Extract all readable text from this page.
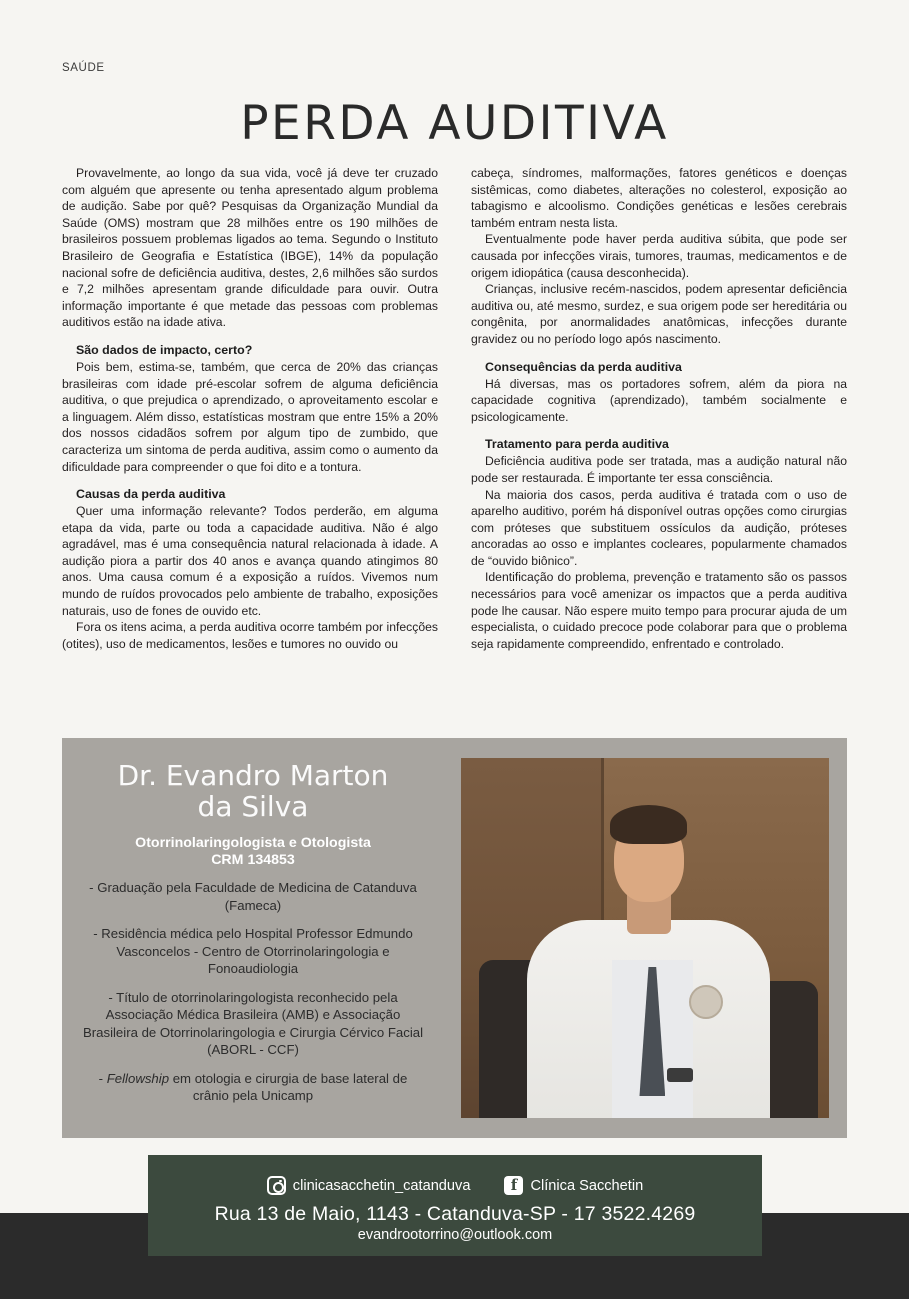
SAÚDE
PERDA AUDITIVA

Provavelmente, ao longo da sua vida, você já deve ter cruzado com alguém que apresente ou tenha apresentado algum problema de audição. Sabe por quê? Pesquisas da Organização Mundial da Saúde (OMS) mostram que 28 milhões entre os 190 milhões de brasileiros possuem problemas ligados ao tema. Segundo o Instituto Brasileiro de Geografia e Estatística (IBGE), 14% da população nacional sofre de deficiência auditiva, destes, 2,6 milhões são surdos e 7,2 milhões apresentam grande dificuldade para ouvir. Outra informação importante é que metade das pessoas com problemas auditivos estão na idade ativa.

São dados de impacto, certo?

Pois bem, estima-se, também, que cerca de 20% das crianças brasileiras com idade pré-escolar sofrem de alguma deficiência auditiva, o que prejudica o aprendizado, o aproveitamento escolar e a linguagem. Além disso, estatísticas mostram que entre 15% a 20% dos nossos cidadãos sofrem por algum tipo de zumbido, que caracteriza um sintoma de perda auditiva, assim como o aumento da dificuldade para compreender o que foi dito e a tontura.

Causas da perda auditiva

Quer uma informação relevante? Todos perderão, em alguma etapa da vida, parte ou toda a capacidade auditiva. Não é algo agradável, mas é uma consequência natural relacionada à idade. A audição piora a partir dos 40 anos e avança quando atingimos 80 anos. Uma causa comum é a exposição a ruídos. Vivemos num mundo de ruídos provocados pelo ambiente de trabalho, exposições naturais, uso de fones de ouvido etc.

Fora os itens acima, a perda auditiva ocorre também por infecções (otites), uso de medicamentos, lesões e tumores no ouvido ou

cabeça, síndromes, malformações, fatores genéticos e doenças sistêmicas, como diabetes, alterações no colesterol, exposição ao tabagismo e alcoolismo. Condições genéticas e lesões cerebrais também entram nesta lista.

Eventualmente pode haver perda auditiva súbita, que pode ser causada por infecções virais, tumores, traumas, medicamentos e de origem idiopática (causa desconhecida).

Crianças, inclusive recém-nascidos, podem apresentar deficiência auditiva ou, até mesmo, surdez, e sua origem pode ser hereditária ou congênita, por anormalidades anatômicas, infecções durante gravidez ou no período logo após nascimento.

Consequências da perda auditiva

Há diversas, mas os portadores sofrem, além da piora na capacidade cognitiva (aprendizado), também socialmente e psicologicamente.

Tratamento para perda auditiva

Deficiência auditiva pode ser tratada, mas a audição natural não pode ser restaurada. É importante ter essa consciência.

Na maioria dos casos, perda auditiva é tratada com o uso de aparelho auditivo, porém há disponível outras opções como cirurgias com próteses que substituem ossículos da audição, próteses ancoradas ao osso e implantes cocleares, popularmente chamados de “ouvido biônico”.

Identificação do problema, prevenção e tratamento são os passos necessários para você amenizar os impactos que a perda auditiva pode lhe causar. Não espere muito tempo para procurar ajuda de um especialista, o cuidado precoce pode colaborar para que o problema seja rapidamente compreendido, enfrentado e controlado.

Dr. Evandro Marton
da Silva
Otorrinolaringologista e Otologista
CRM 134853
- Graduação pela Faculdade de Medicina de Catanduva (Fameca)
- Residência médica pelo Hospital Professor Edmundo Vasconcelos - Centro de Otorrinolaringologia e Fonoaudiologia
- Título de otorrinolaringologista reconhecido pela Associação Médica Brasileira (AMB) e Associação Brasileira de Otorrinolaringologia e Cirurgia Cérvico Facial (ABORL - CCF)
- Fellowship em otologia e cirurgia de base lateral de crânio pela Unicamp
clinicasacchetin_catanduva	f Clínica Sacchetin
Rua 13 de Maio, 1143 - Catanduva-SP - 17 3522.4269
evandrootorrino@outlook.com
